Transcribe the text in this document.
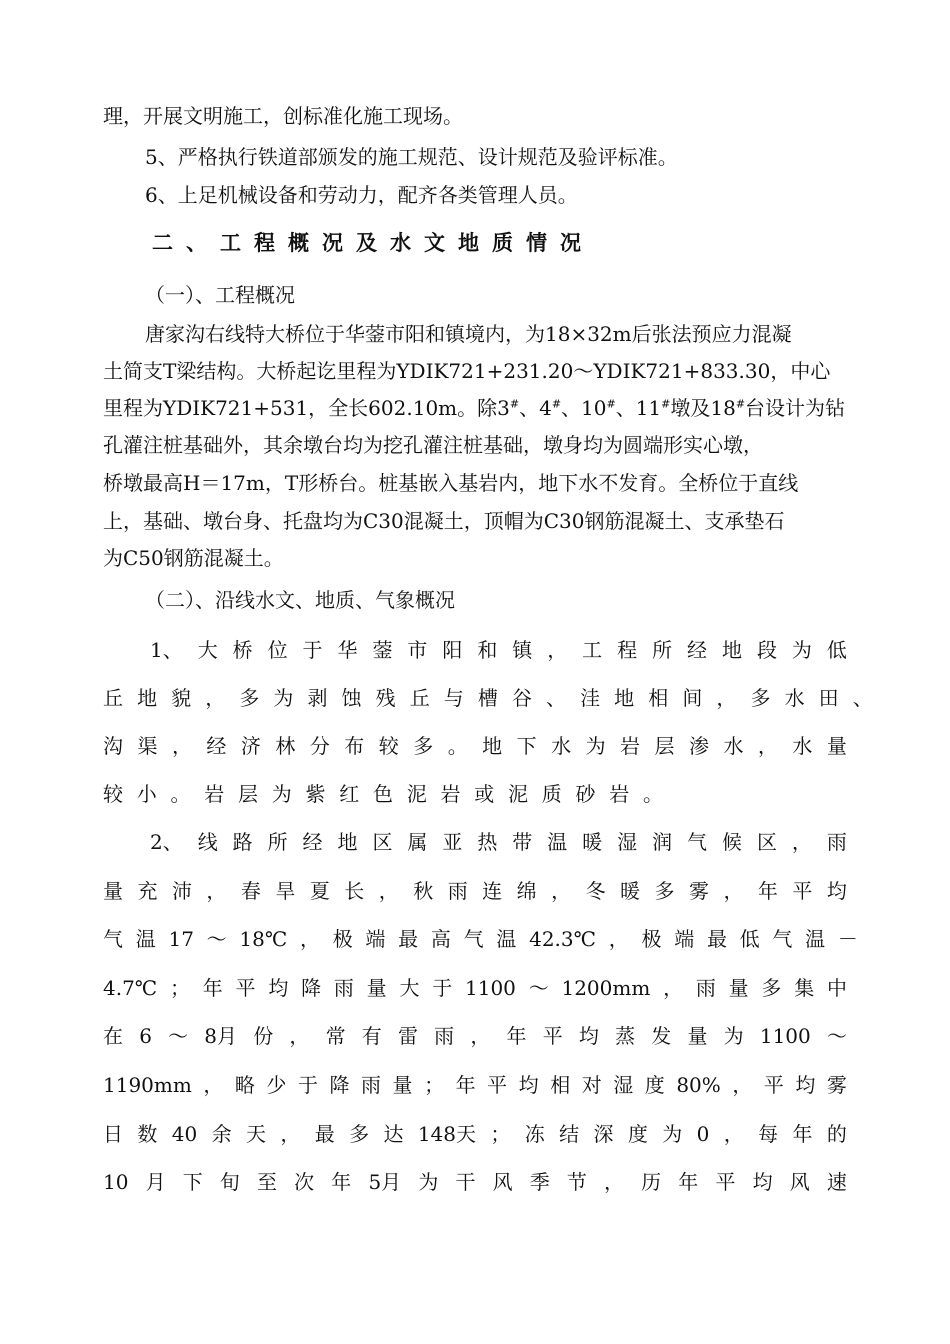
理，开展文明施工，创标准化施工现场。
5、严格执行铁道部颁发的施工规范、设计规范及验评标准。
6、上足机械设备和劳动力，配齐各类管理人员。
二、工程概况及水文地质情况
（一）、工程概况
唐家沟右线特大桥位于华蓥市阳和镇境内，为18×32m后张法预应力混凝
土简支T梁结构。大桥起讫里程为YDIK721+231.20～YDIK721+833.30，中心
里程为YDIK721+531，全长602.10m。除3#、4#、10#、11#墩及18#台设计为钻
孔灌注桩基础外，其余墩台均为挖孔灌注桩基础，墩身均为圆端形实心墩，
桥墩最高H＝17m，T形桥台。桩基嵌入基岩内，地下水不发育。全桥位于直线
上，基础、墩台身、托盘均为C30混凝土，顶帽为C30钢筋混凝土、支承垫石
为C50钢筋混凝土。
（二）、沿线水文、地质、气象概况
1、 大 桥 位 于 华 蓥 市 阳 和 镇 ， 工 程 所 经 地 段 为 低
丘 地 貌 ， 多 为 剥 蚀 残 丘 与 槽 谷 、 洼 地 相 间 ， 多 水 田 、
沟 渠 ， 经 济 林 分 布 较 多 。 地 下 水 为 岩 层 渗 水 ， 水 量
较 小 。 岩 层 为 紫 红 色 泥 岩 或 泥 质 砂 岩 。
2、 线 路 所 经 地 区 属 亚 热 带 温 暖 湿 润 气 候 区 ， 雨
量 充 沛 ， 春 旱 夏 长 ， 秋 雨 连 绵 ， 冬 暖 多 雾 ， 年 平 均
气 温 17 ～ 18℃ ， 极 端 最 高 气 温 42.3℃ ， 极 端 最 低 气 温 －
4.7℃ ； 年 平 均 降 雨 量 大 于 1100 ～ 1200mm ， 雨 量 多 集 中
在 6 ～ 8月 份 ， 常 有 雷 雨 ， 年 平 均 蒸 发 量 为 1100 ～
1190mm ， 略 少 于 降 雨 量 ； 年 平 均 相 对 湿 度 80% ， 平 均 雾
日 数 40 余 天 ， 最 多 达 148天 ； 冻 结 深 度 为 0 ， 每 年 的
10 月 下 旬 至 次 年 5月 为 干 风 季 节 ， 历 年 平 均 风 速
